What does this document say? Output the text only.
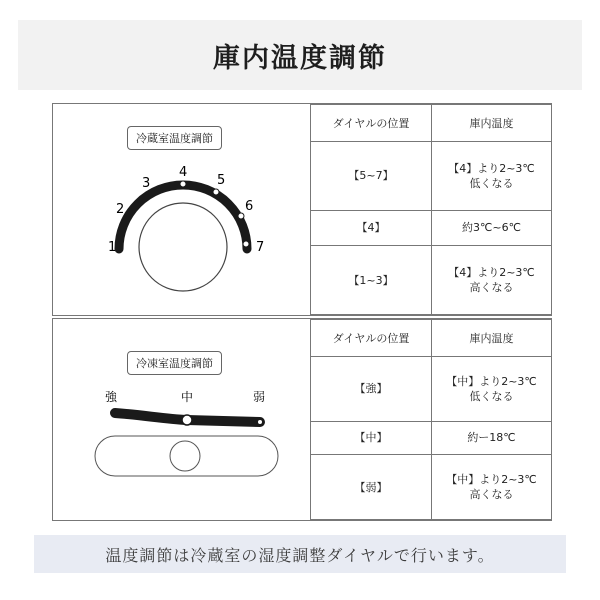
庫内温度調節
冷蔵室温度調節
1
2
3
4
5
6
7
ダイヤルの位置	庫内温度
【5~7】	【4】より2~3℃
低くなる

【4】	約3℃~6℃
【1~3】	【4】より2~3℃
高くなる
冷凍室温度調節
強	中	弱
ダイヤルの位置	庫内温度
【強】	【中】より2~3℃
低くなる

【中】	約ー18℃
【弱】	【中】より2~3℃
高くなる
温度調節は冷蔵室の湿度調整ダイヤルで行います。
